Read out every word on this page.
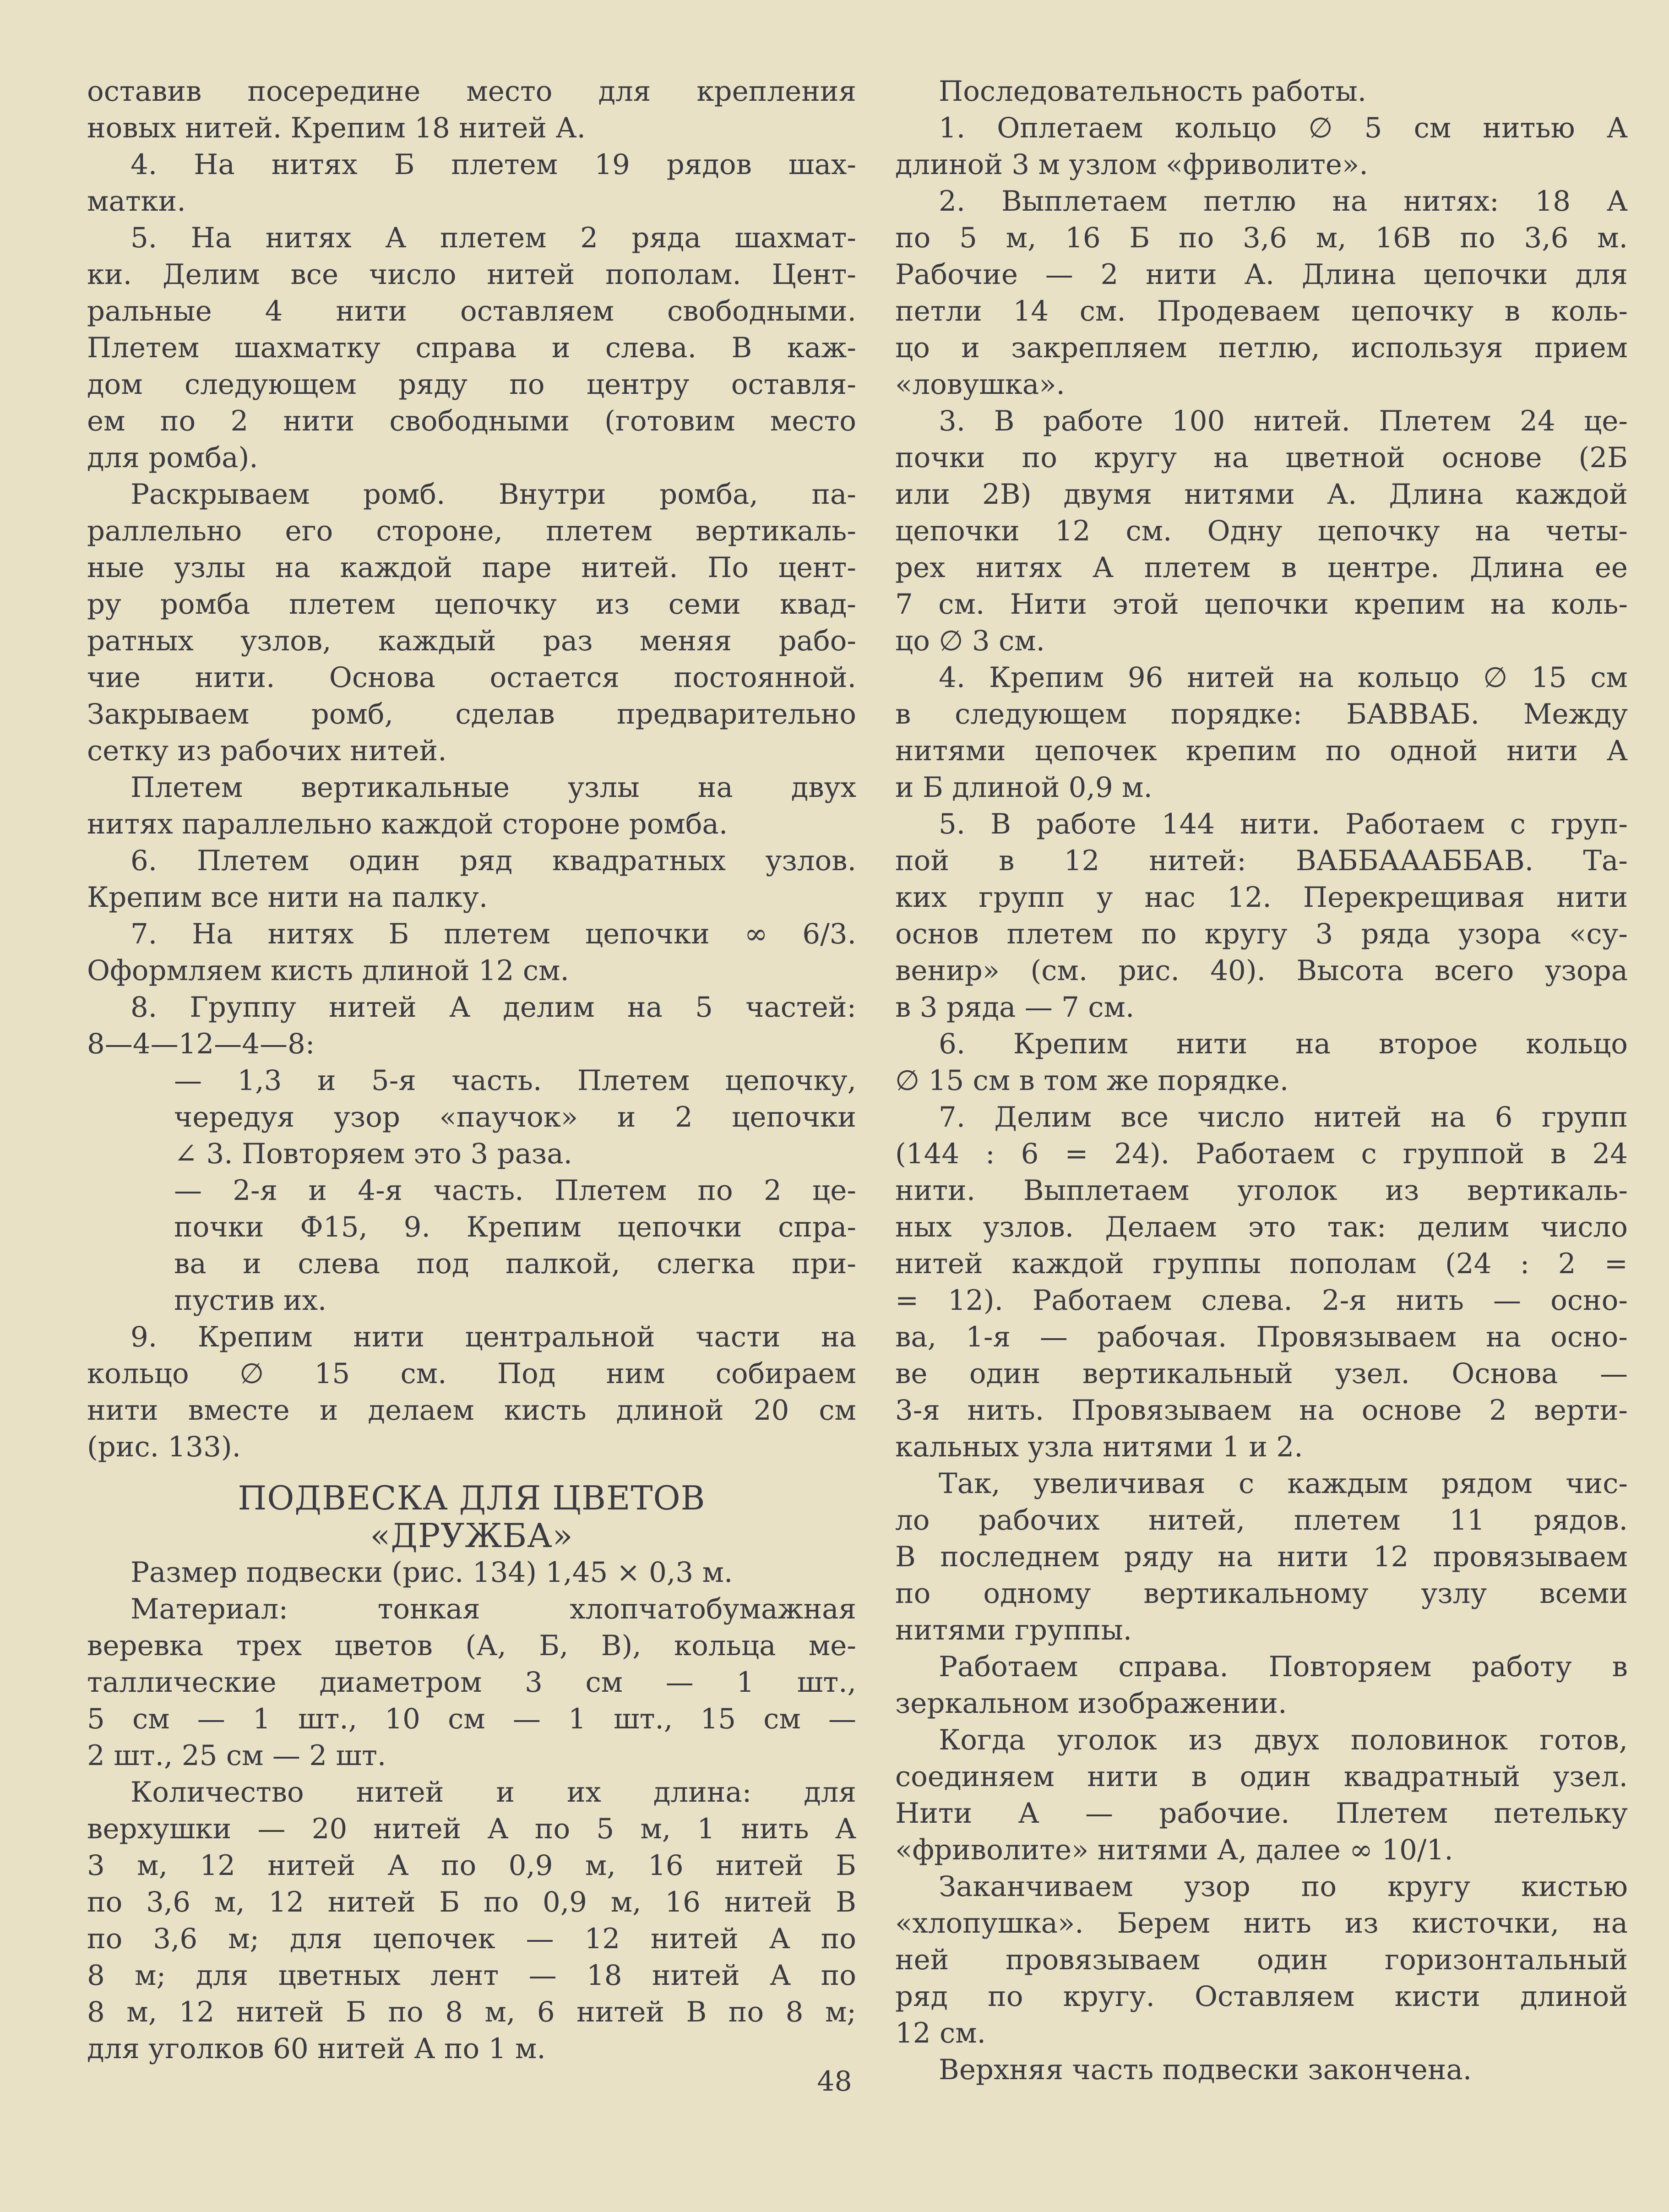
оставив посередине место для крепления
новых нитей. Крепим 18 нитей А.

4. На нитях Б плетем 19 рядов шах-
матки.

5. На нитях А плетем 2 ряда шахмат-
ки. Делим все число нитей пополам. Цент-
ральные 4 нити оставляем свободными.
Плетем шахматку справа и слева. В каж-
дом следующем ряду по центру оставля-
ем по 2 нити свободными (готовим место
для ромба).

Раскрываем ромб. Внутри ромба, па-
раллельно его стороне, плетем вертикаль-
ные узлы на каждой паре нитей. По цент-
ру ромба плетем цепочку из семи квад-
ратных узлов, каждый раз меняя рабо-
чие нити. Основа остается постоянной.
Закрываем ромб, сделав предварительно
сетку из рабочих нитей.

Плетем вертикальные узлы на двух
нитях параллельно каждой стороне ромба.

6. Плетем один ряд квадратных узлов.
Крепим все нити на палку.

7. На нитях Б плетем цепочки ∞ 6/3.
Оформляем кисть длиной 12 см.

8. Группу нитей А делим на 5 частей:
8—4—12—4—8:

— 1,3 и 5-я часть. Плетем цепочку,
чередуя узор «паучок» и 2 цепочки
∠ 3. Повторяем это 3 раза.

— 2-я и 4-я часть. Плетем по 2 це-
почки Ф15, 9. Крепим цепочки спра-
ва и слева под палкой, слегка при-
пустив их.

9. Крепим нити центральной части на
кольцо ∅ 15 см. Под ним собираем
нити вместе и делаем кисть длиной 20 см
(рис. 133).

ПОДВЕСКА ДЛЯ ЦВЕТОВ
«ДРУЖБА»

Размер подвески (рис. 134) 1,45 × 0,3 м.

Материал: тонкая хлопчатобумажная
веревка трех цветов (А, Б, В), кольца ме-
таллические диаметром 3 см — 1 шт.,
5 см — 1 шт., 10 см — 1 шт., 15 см —
2 шт., 25 см — 2 шт.

Количество нитей и их длина: для
верхушки — 20 нитей А по 5 м, 1 нить А
3 м, 12 нитей А по 0,9 м, 16 нитей Б
по 3,6 м, 12 нитей Б по 0,9 м, 16 нитей В
по 3,6 м; для цепочек — 12 нитей А по
8 м; для цветных лент — 18 нитей А по
8 м, 12 нитей Б по 8 м, 6 нитей В по 8 м;
для уголков 60 нитей А по 1 м.

Последовательность работы.

1. Оплетаем кольцо ∅ 5 см нитью А
длиной 3 м узлом «фриволите».

2. Выплетаем петлю на нитях: 18 А
по 5 м, 16 Б по 3,6 м, 16В по 3,6 м.
Рабочие — 2 нити А. Длина цепочки для
петли 14 см. Продеваем цепочку в коль-
цо и закрепляем петлю, используя прием
«ловушка».

3. В работе 100 нитей. Плетем 24 це-
почки по кругу на цветной основе (2Б
или 2В) двумя нитями А. Длина каждой
цепочки 12 см. Одну цепочку на четы-
рех нитях А плетем в центре. Длина ее
7 см. Нити этой цепочки крепим на коль-
цо ∅ 3 см.

4. Крепим 96 нитей на кольцо ∅ 15 см
в следующем порядке: БАВВАБ. Между
нитями цепочек крепим по одной нити А
и Б длиной 0,9 м.

5. В работе 144 нити. Работаем с груп-
пой в 12 нитей: ВАББАААББАВ. Та-
ких групп у нас 12. Перекрещивая нити
основ плетем по кругу 3 ряда узора «су-
венир» (см. рис. 40). Высота всего узора
в 3 ряда — 7 см.

6. Крепим нити на второе кольцо
∅ 15 см в том же порядке.

7. Делим все число нитей на 6 групп
(144 : 6 = 24). Работаем с группой в 24
нити. Выплетаем уголок из вертикаль-
ных узлов. Делаем это так: делим число
нитей каждой группы пополам (24 : 2 =
= 12). Работаем слева. 2-я нить — осно-
ва, 1-я — рабочая. Провязываем на осно-
ве один вертикальный узел. Основа —
3-я нить. Провязываем на основе 2 верти-
кальных узла нитями 1 и 2.

Так, увеличивая с каждым рядом чис-
ло рабочих нитей, плетем 11 рядов.
В последнем ряду на нити 12 провязываем
по одному вертикальному узлу всеми
нитями группы.

Работаем справа. Повторяем работу в
зеркальном изображении.

Когда уголок из двух половинок готов,
соединяем нити в один квадратный узел.
Нити А — рабочие. Плетем петельку
«фриволите» нитями А, далее ∞ 10/1.

Заканчиваем узор по кругу кистью
«хлопушка». Берем нить из кисточки, на
ней провязываем один горизонтальный
ряд по кругу. Оставляем кисти длиной
12 см.

Верхняя часть подвески закончена.

48
